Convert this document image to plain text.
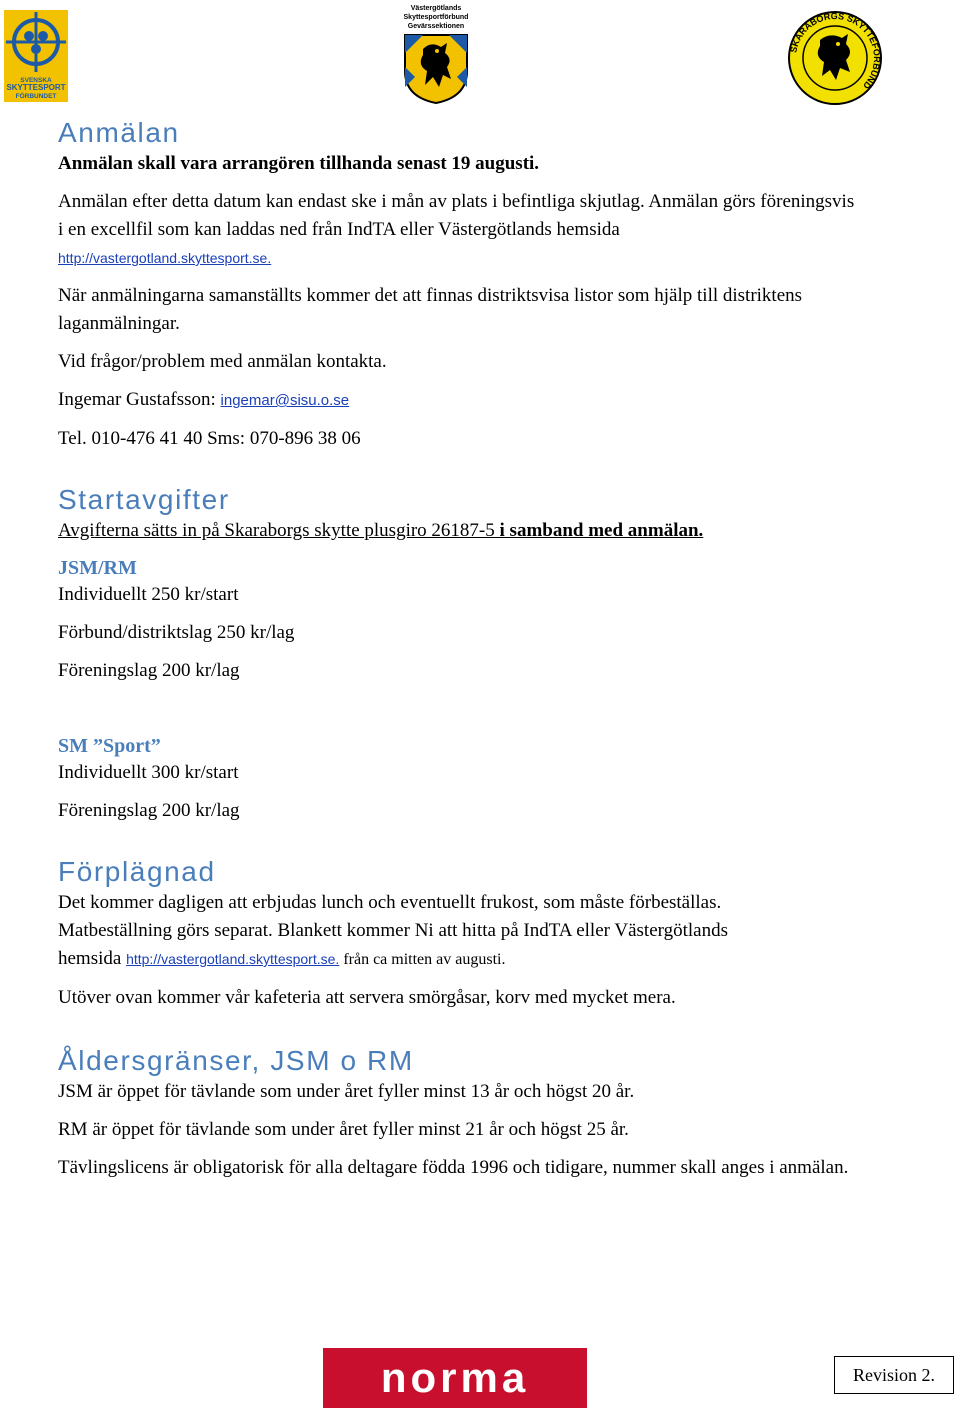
SVENSKA
SKYTTESPORT
FÖRBUNDET
Västergötlands
Skyttesportförbund
Gevärssektionen
SKARABORGS SKYTTEFÖRBUND
Anmälan

Anmälan skall vara arrangören tillhanda senast 19 augusti.

Anmälan efter detta datum kan endast ske i mån av plats i befintliga skjutlag. Anmälan görs föreningsvis i en excellfil som kan laddas ned från IndTA eller Västergötlands hemsida
http://vastergotland.skyttesport.se.

När anmälningarna samanställts kommer det att finnas distriktsvisa listor som hjälp till distriktens laganmälningar.

Vid frågor/problem med anmälan kontakta.

Ingemar Gustafsson: ingemar@sisu.o.se

Tel. 010-476 41 40 Sms: 070-896 38 06

Startavgifter

Avgifterna sätts in på Skaraborgs skytte plusgiro 26187-5 i samband med anmälan.

JSM/RM

Individuellt 250 kr/start

Förbund/distriktslag 250 kr/lag

Föreningslag 200 kr/lag

SM ”Sport”

Individuellt 300 kr/start

Föreningslag 200 kr/lag

Förplägnad

Det kommer dagligen att erbjudas lunch och eventuellt frukost, som måste förbeställas.

Matbeställning görs separat. Blankett kommer Ni att hitta på IndTA eller Västergötlands

hemsida http://vastergotland.skyttesport.se. från ca mitten av augusti.

Utöver ovan kommer vår kafeteria att servera smörgåsar, korv med mycket mera.

Åldersgränser, JSM o RM

JSM är öppet för tävlande som under året fyller minst 13 år och högst 20 år.

RM är öppet för tävlande som under året fyller minst 21 år och högst 25 år.

Tävlingslicens är obligatorisk för alla deltagare födda 1996 och tidigare, nummer skall anges i anmälan.

norma	Revision 2.
